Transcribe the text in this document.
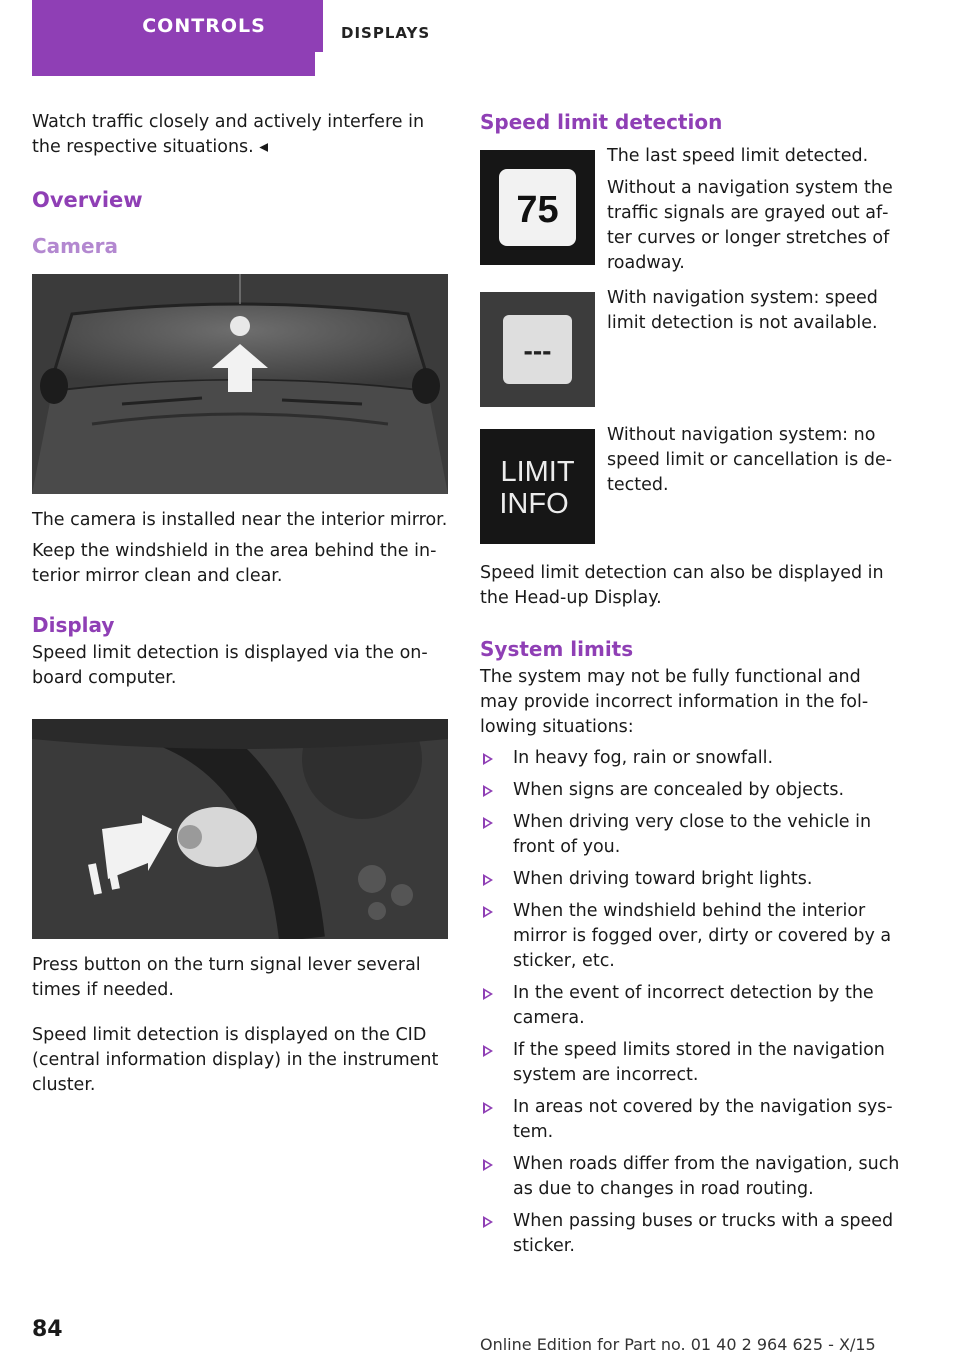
CONTROLS	DISPLAYS

Watch traffic closely and actively interfere in the respective situations. ◂

Overview
Camera

The camera is installed near the interior mirror.

Keep the windshield in the area behind the interior mirror clean and clear.

Display

Speed limit detection is displayed via the onboard computer.

Press button on the turn signal lever several times if needed.

Speed limit detection is displayed on the CID (central information display) in the instrument cluster.

Speed limit detection
75

The last speed limit detected.

Without a navigation system the traffic signals are grayed out after curves or longer stretches of roadway.

---

With navigation system: speed limit detection is not available.

LIMIT
INFO

Without navigation system: no speed limit or cancellation is detected.

Speed limit detection can also be displayed in the Head-up Display.

System limits

The system may not be fully functional and may provide incorrect information in the following situations:

In heavy fog, rain or snowfall.
When signs are concealed by objects.
When driving very close to the vehicle in front of you.
When driving toward bright lights.
When the windshield behind the interior mirror is fogged over, dirty or covered by a sticker, etc.
In the event of incorrect detection by the camera.
If the speed limits stored in the navigation system are incorrect.
In areas not covered by the navigation system.
When roads differ from the navigation, such as due to changes in road routing.
When passing buses or trucks with a speed sticker.
84
Online Edition for Part no. 01 40 2 964 625 - X/15
